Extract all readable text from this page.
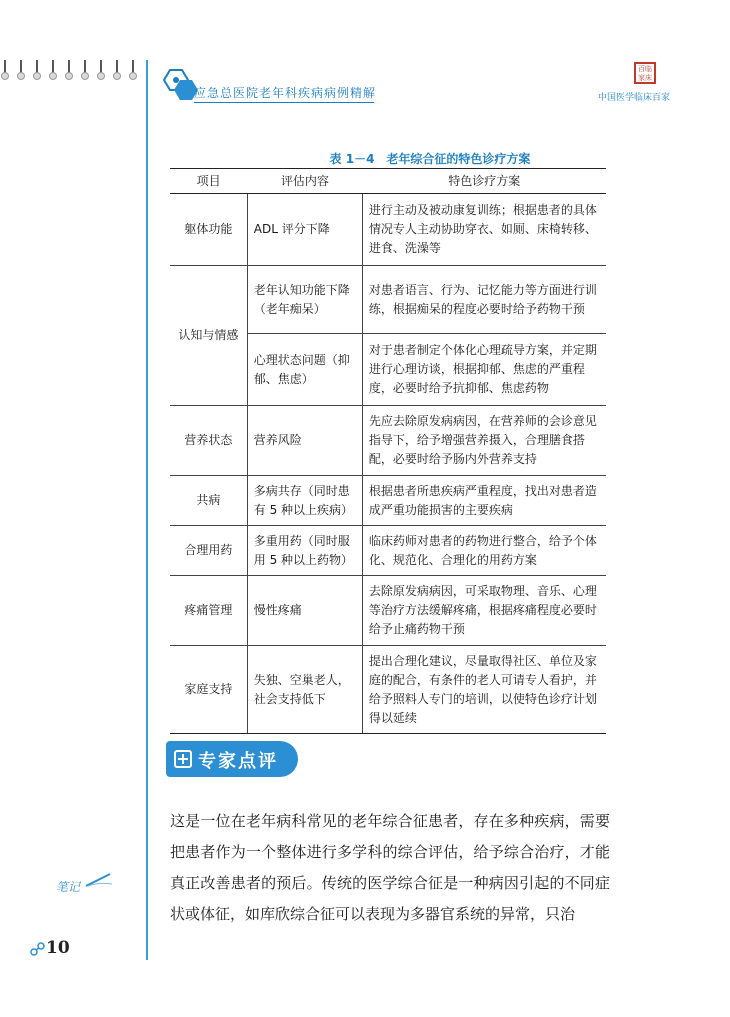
应急总医院老年科疾病病例精解
百临家床
中国医学临床百家
表 1－4　老年综合征的特色诊疗方案
项目	评估内容	特色诊疗方案
躯体功能	ADL 评分下降	进行主动及被动康复训练；根据患者的具体情况专人主动协助穿衣、如厕、床椅转移、进食、洗澡等
认知与情感	老年认知功能下降（老年痴呆）	对患者语言、行为、记忆能力等方面进行训练，根据痴呆的程度必要时给予药物干预
	心理状态问题（抑郁、焦虑）	对于患者制定个体化心理疏导方案，并定期进行心理访谈，根据抑郁、焦虑的严重程度，必要时给予抗抑郁、焦虑药物
营养状态	营养风险	先应去除原发病病因，在营养师的会诊意见指导下，给予增强营养摄入，合理膳食搭配，必要时给予肠内外营养支持
共病	多病共存（同时患有 5 种以上疾病）	根据患者所患疾病严重程度，找出对患者造成严重功能损害的主要疾病
合理用药	多重用药（同时服用 5 种以上药物）	临床药师对患者的药物进行整合，给予个体化、规范化、合理化的用药方案
疼痛管理	慢性疼痛	去除原发病病因，可采取物理、音乐、心理等治疗方法缓解疼痛，根据疼痛程度必要时给予止痛药物干预
家庭支持	失独、空巢老人，社会支持低下	提出合理化建议，尽量取得社区、单位及家庭的配合，有条件的老人可请专人看护，并给予照料人专门的培训，以使特色诊疗计划得以延续
专家点评
这是一位在老年病科常见的老年综合征患者，存在多种疾病，需要把患者作为一个整体进行多学科的综合评估，给予综合治疗，才能真正改善患者的预后。传统的医学综合征是一种病因引起的不同症状或体征，如库欣综合征可以表现为多器官系统的异常，只治
笔记
10
